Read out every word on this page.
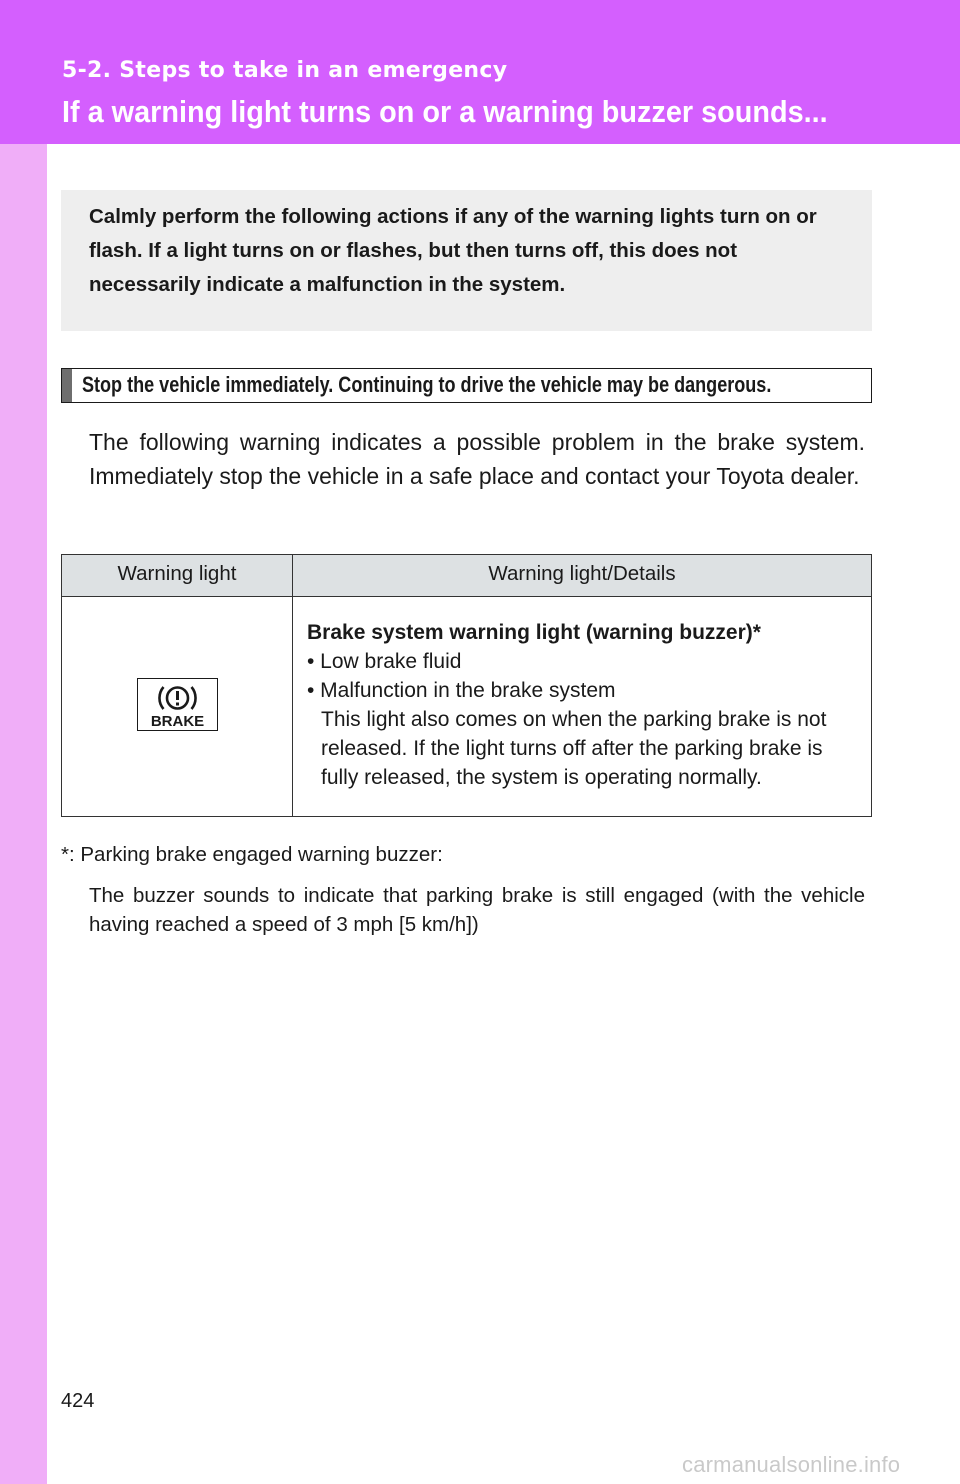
5-2. Steps to take in an emergency
If a warning light turns on or a warning buzzer sounds...
Calmly perform the following actions if any of the warning lights turn on or flash. If a light turns on or flashes, but then turns off, this does not necessarily indicate a malfunction in the system.
Stop the vehicle immediately. Continuing to drive the vehicle may be dangerous.
The following warning indicates a possible problem in the brake system. Immediately stop the vehicle in a safe place and contact your Toyota dealer.
Warning light	Warning light/Details

BRAKE	Brake system warning light (warning buzzer)*
• Low brake fluid
• Malfunction in the brake system
This light also comes on when the parking brake is not released. If the light turns off after the parking brake is fully released, the system is operating normally.
*: Parking brake engaged warning buzzer:
The buzzer sounds to indicate that parking brake is still engaged (with the vehicle having reached a speed of 3 mph [5 km/h])
424
carmanualsonline.info
